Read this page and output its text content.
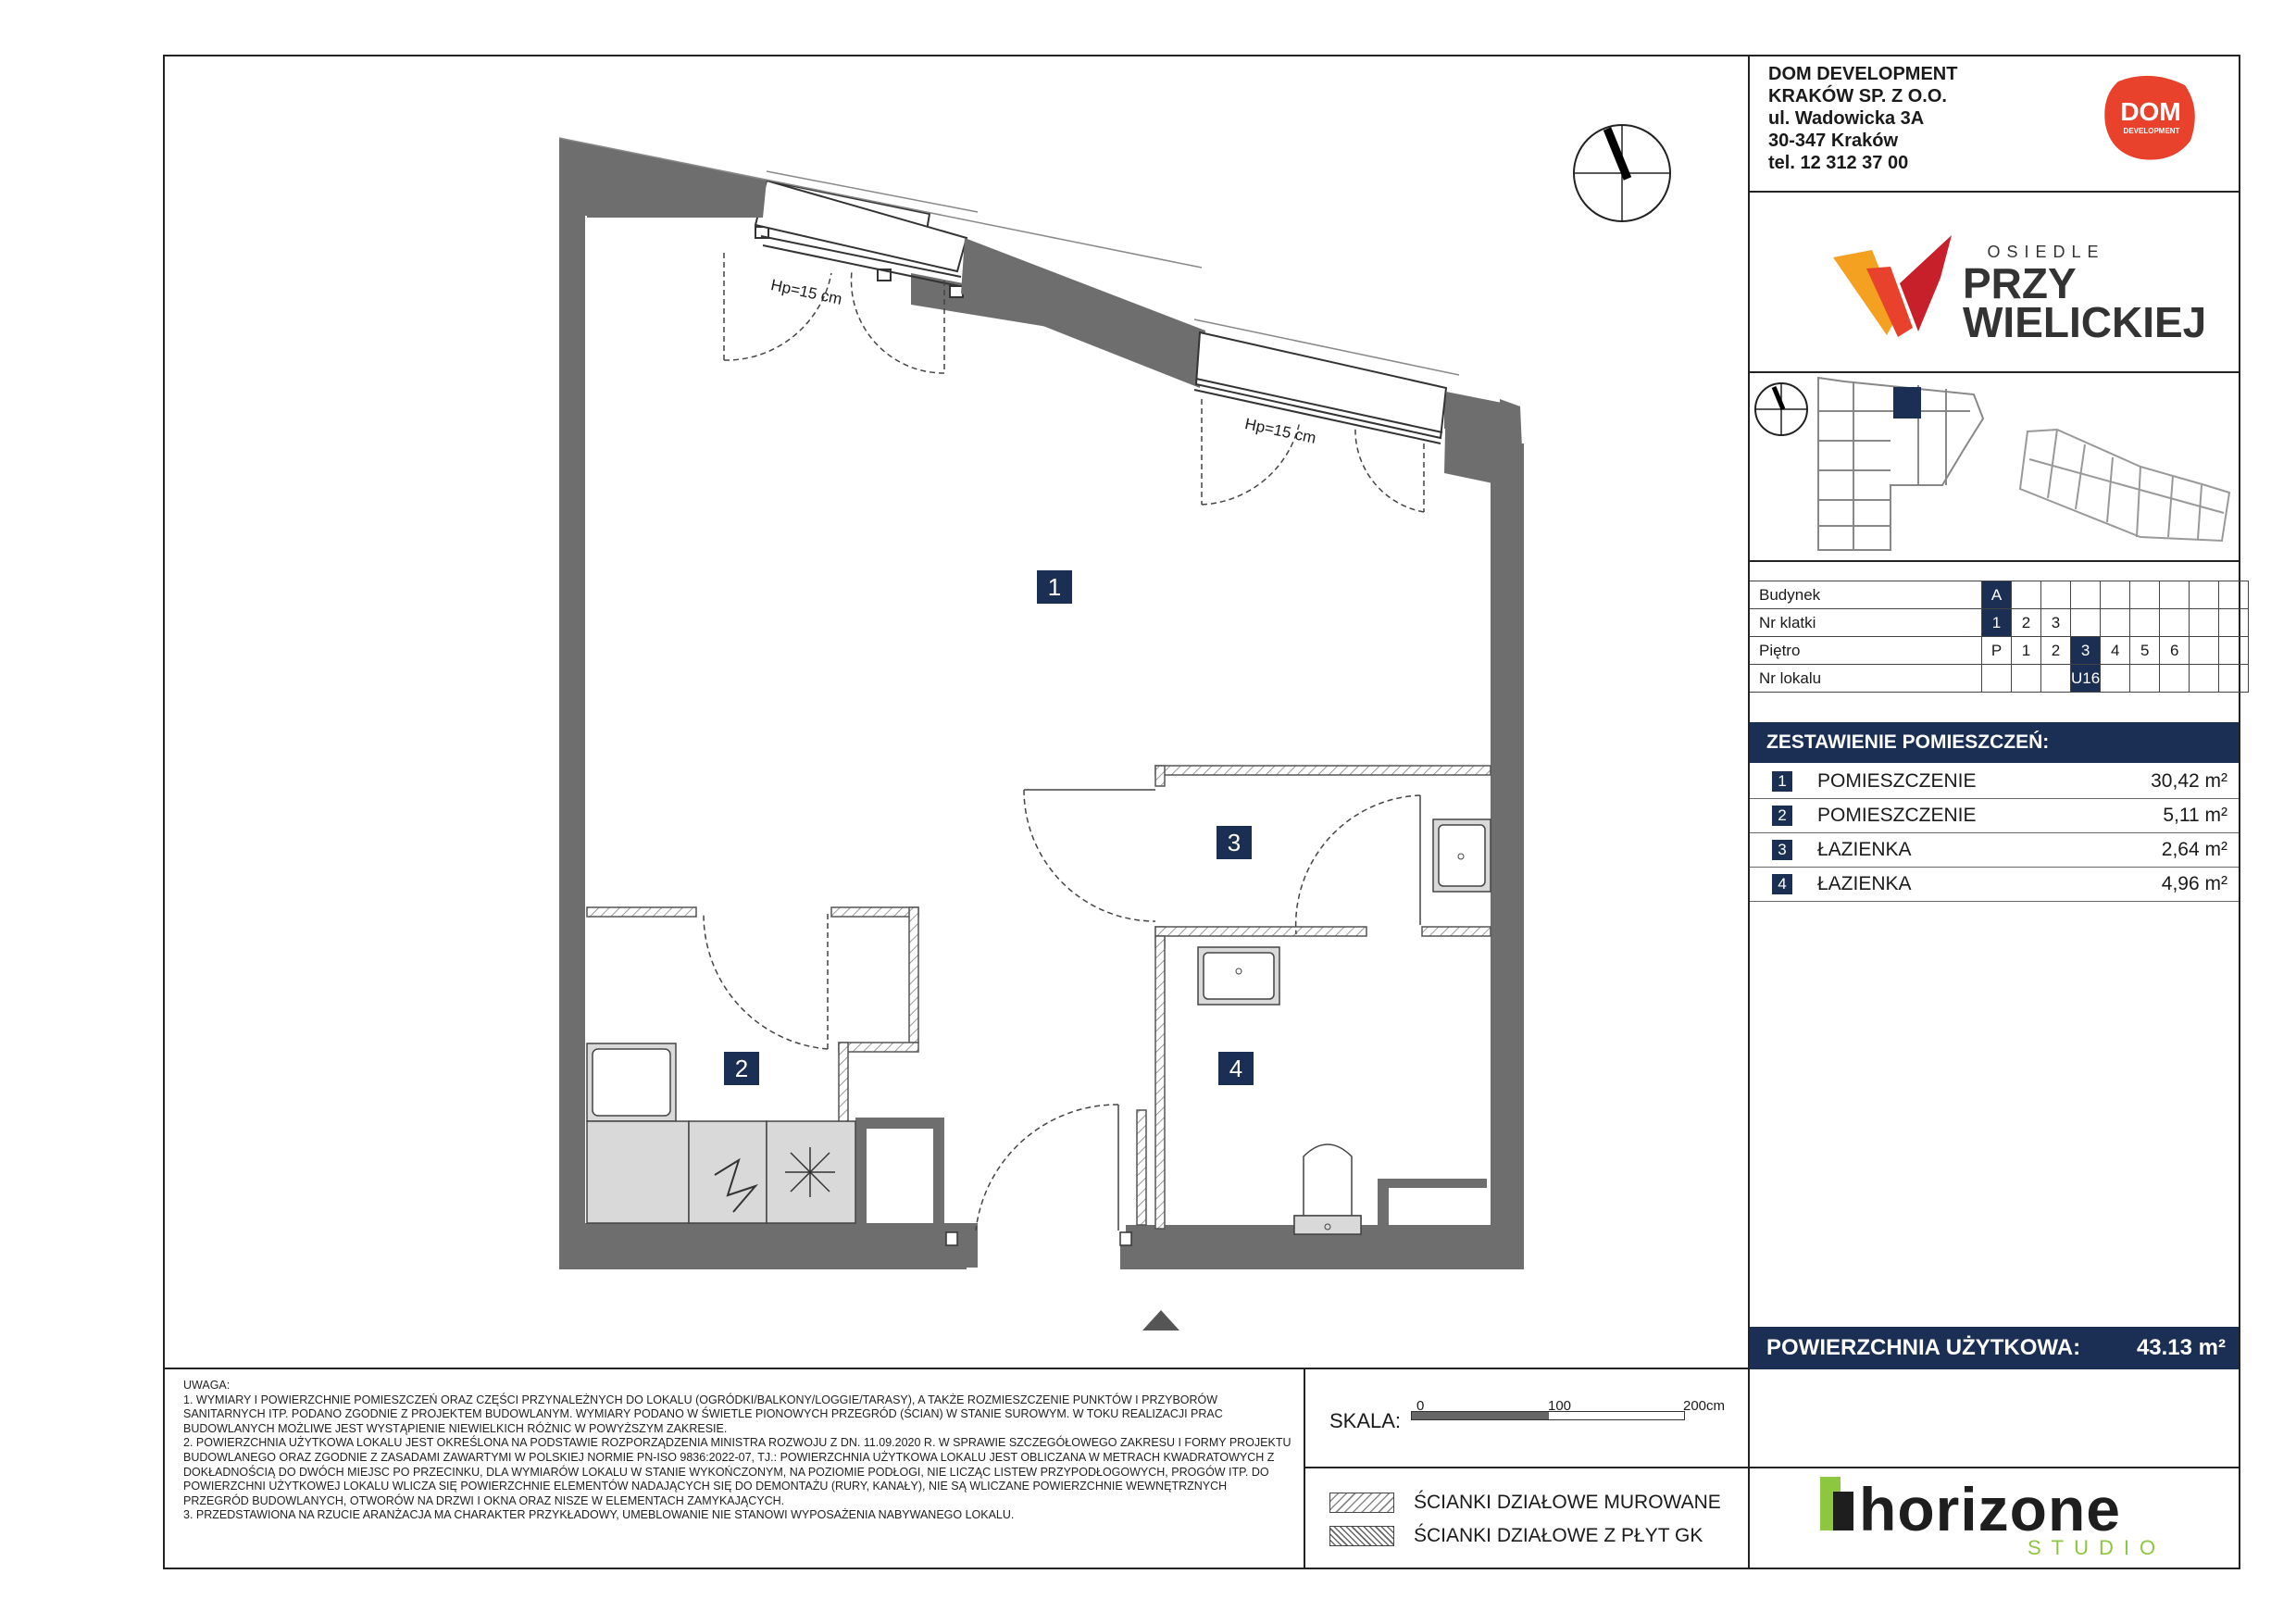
DOM DEVELOPMENT
KRAKÓW SP. Z O.O.
ul. Wadowicka 3A
30-347 Kraków
tel. 12 312 37 00
DOM
DEVELOPMENT
OSIEDLE
PRZY
WIELICKIEJ
Budynek	A								
Nr klatki	1	2	3						
Piętro	P	1	2	3	4	5	6		
Nr lokalu				U16					
ZESTAWIENIE POMIESZCZEŃ:
1 POMIESZCZENIE	30,42 m²
2 POMIESZCZENIE	5,11 m²
3 ŁAZIENKA	2,64 m²
4 ŁAZIENKA	4,96 m²
POWIERZCHNIA UŻYTKOWA:	43.13 m²
1
2
3
4
Hp=15 cm
Hp=15 cm

UWAGA:

1. WYMIARY I POWIERZCHNIE POMIESZCZEŃ ORAZ CZĘŚCI PRZYNALEŻNYCH DO LOKALU (OGRÓDKI/BALKONY/LOGGIE/TARASY), A TAKŻE ROZMIESZCZENIE PUNKTÓW I PRZYBORÓW SANITARNYCH ITP. PODANO ZGODNIE Z PROJEKTEM BUDOWLANYM. WYMIARY PODANO W ŚWIETLE PIONOWYCH PRZEGRÓD (ŚCIAN) W STANIE SUROWYM. W TOKU REALIZACJI PRAC BUDOWLANYCH MOŻLIWE JEST WYSTĄPIENIE NIEWIELKICH RÓŻNIC W POWYŻSZYM ZAKRESIE.

2. POWIERZCHNIA UŻYTKOWA LOKALU JEST OKREŚLONA NA PODSTAWIE ROZPORZĄDZENIA MINISTRA ROZWOJU Z DN. 11.09.2020 R. W SPRAWIE SZCZEGÓŁOWEGO ZAKRESU I FORMY PROJEKTU BUDOWLANEGO ORAZ ZGODNIE Z ZASADAMI ZAWARTYMI W POLSKIEJ NORMIE PN-ISO 9836:2022-07, TJ.: POWIERZCHNIA UŻYTKOWA LOKALU JEST OBLICZANA W METRACH KWADRATOWYCH Z DOKŁADNOŚCIĄ DO DWÓCH MIEJSC PO PRZECINKU, DLA WYMIARÓW LOKALU W STANIE WYKOŃCZONYM, NA POZIOMIE PODŁOGI, NIE LICZĄC LISTEW PRZYPODŁOGOWYCH, PROGÓW ITP. DO POWIERZCHNI UŻYTKOWEJ LOKALU WLICZA SIĘ POWIERZCHNIE ELEMENTÓW NADAJĄCYCH SIĘ DO DEMONTAŻU (RURY, KANAŁY), NIE SĄ WLICZANE POWIERZCHNIE WEWNĘTRZNYCH PRZEGRÓD BUDOWLANYCH, OTWORÓW NA DRZWI I OKNA ORAZ NISZE W ELEMENTACH ZAMYKAJĄCYCH.

3. PRZEDSTAWIONA NA RZUCIE ARANŻACJA MA CHARAKTER PRZYKŁADOWY, UMEBLOWANIE NIE STANOWI WYPOSAŻENIA NABYWANEGO LOKALU.

SKALA:
0	100	200cm
ŚCIANKI DZIAŁOWE MUROWANE
ŚCIANKI DZIAŁOWE Z PŁYT GK	horizone
STUDIO
